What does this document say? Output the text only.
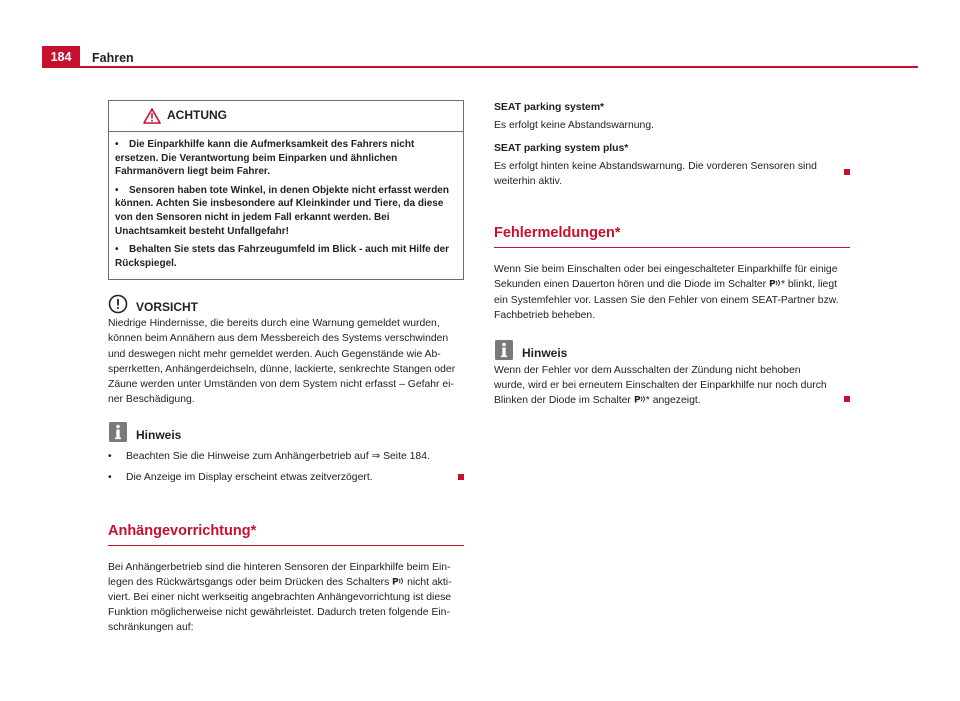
184	Fahren
ACHTUNG

• Die Einparkhilfe kann die Aufmerksamkeit des Fahrers nicht ersetzen. Die Verantwortung beim Einparken und ähnlichen Fahrmanövern liegt beim Fahrer.

• Sensoren haben tote Winkel, in denen Objekte nicht erfasst werden können. Achten Sie insbesondere auf Kleinkinder und Tiere, da diese von den Sensoren nicht in jedem Fall erkannt werden. Bei Unachtsamkeit besteht Unfallgefahr!

• Behalten Sie stets das Fahrzeugumfeld im Blick - auch mit Hilfe der Rückspiegel.

VORSICHT

Niedrige Hindernisse, die bereits durch eine Warnung gemeldet wurden, können beim Annähern aus dem Messbereich des Systems verschwinden und deswegen nicht mehr gemeldet werden. Auch Gegenstände wie Absperrketten, Anhängerdeichseln, dünne, lackierte, senkrechte Stangen oder Zäune werden unter Umständen von dem System nicht erfasst – Gefahr einer Beschädigung.

Hinweis
•	Beachten Sie die Hinweise zum Anhängerbetrieb auf ⇒ Seite 184.
•	Die Anzeige im Display erscheint etwas zeitverzögert.
Anhängevorrichtung*

Bei Anhängerbetrieb sind die hinteren Sensoren der Einparkhilfe beim Einlegen des Rückwärtsgangs oder beim Drücken des Schalters P nicht aktiviert. Bei einer nicht werkseitig angebrachten Anhängevorrichtung ist diese Funktion möglicherweise nicht gewährleistet. Dadurch treten folgende Einschränkungen auf:

SEAT parking system*

Es erfolgt keine Abstandswarnung.

SEAT parking system plus*

Es erfolgt hinten keine Abstandswarnung. Die vorderen Sensoren sind weiterhin aktiv.

Fehlermeldungen*

Wenn Sie beim Einschalten oder bei eingeschalteter Einparkhilfe für einige Sekunden einen Dauerton hören und die Diode im Schalter P * blinkt, liegt ein Systemfehler vor. Lassen Sie den Fehler von einem SEAT-Partner bzw. Fachbetrieb beheben.

Hinweis

Wenn der Fehler vor dem Ausschalten der Zündung nicht behoben wurde, wird er bei erneutem Einschalten der Einparkhilfe nur noch durch Blinken der Diode im Schalter P * angezeigt.
